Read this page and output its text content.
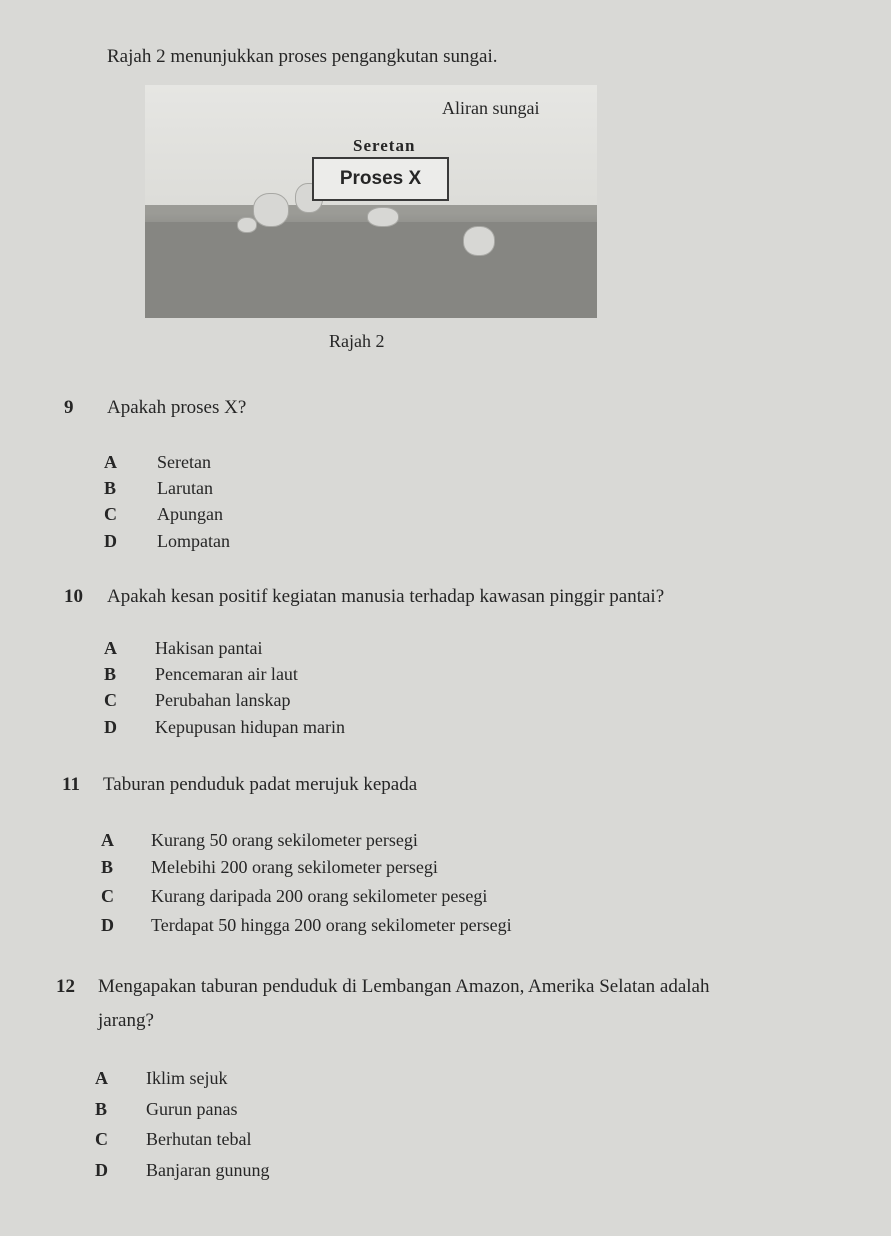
Rajah 2 menunjukkan proses pengangkutan sungai.
Aliran sungai
Seretan
Proses X
Rajah 2
9 Apakah proses X?
A Seretan
B Larutan
C Apungan
D Lompatan
10 Apakah kesan positif kegiatan manusia terhadap kawasan pinggir pantai?
A Hakisan pantai
B Pencemaran air laut
C Perubahan lanskap
D Kepupusan hidupan marin
11 Taburan penduduk padat merujuk kepada
A Kurang 50 orang sekilometer persegi
B Melebihi 200 orang sekilometer persegi
C Kurang daripada 200 orang sekilometer pesegi
D Terdapat 50 hingga 200 orang sekilometer persegi
12 Mengapakan taburan penduduk di Lembangan Amazon, Amerika Selatan adalah
jarang?
A Iklim sejuk
B Gurun panas
C Berhutan tebal
D Banjaran gunung
